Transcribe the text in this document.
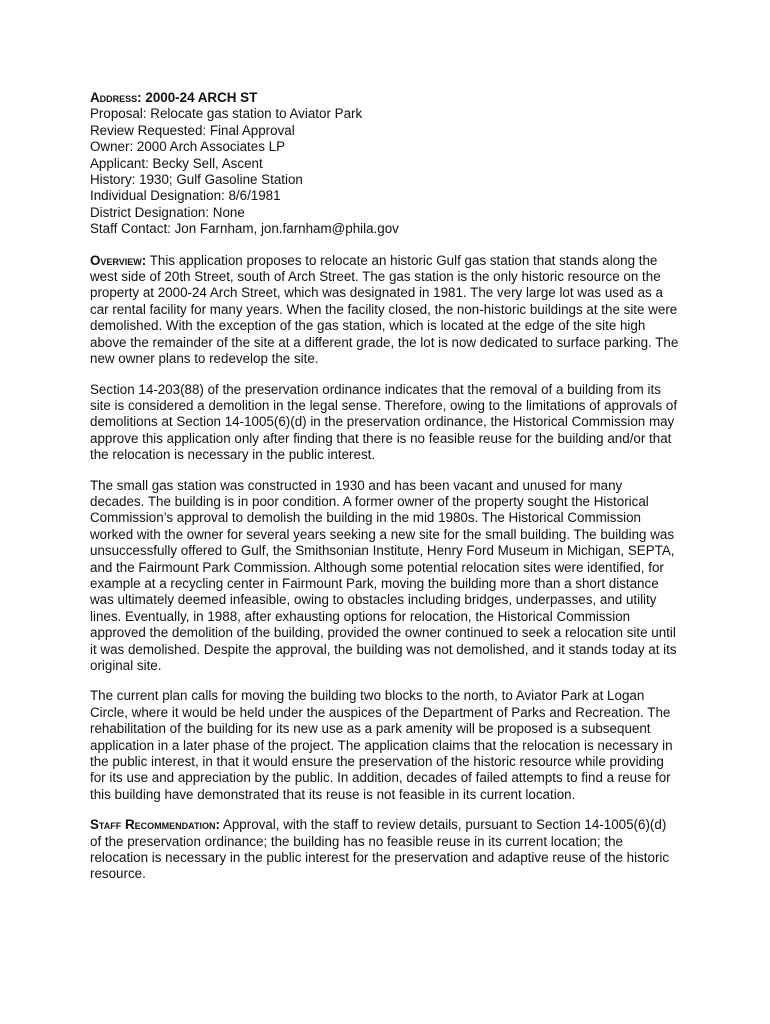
Address: 2000-24 ARCH ST
Proposal: Relocate gas station to Aviator Park
Review Requested: Final Approval
Owner: 2000 Arch Associates LP
Applicant: Becky Sell, Ascent
History: 1930; Gulf Gasoline Station
Individual Designation: 8/6/1981
District Designation: None
Staff Contact: Jon Farnham, jon.farnham@phila.gov

Overview: This application proposes to relocate an historic Gulf gas station that stands along the west side of 20th Street, south of Arch Street. The gas station is the only historic resource on the property at 2000-24 Arch Street, which was designated in 1981. The very large lot was used as a car rental facility for many years. When the facility closed, the non-historic buildings at the site were demolished. With the exception of the gas station, which is located at the edge of the site high above the remainder of the site at a different grade, the lot is now dedicated to surface parking. The new owner plans to redevelop the site.

Section 14-203(88) of the preservation ordinance indicates that the removal of a building from its site is considered a demolition in the legal sense. Therefore, owing to the limitations of approvals of demolitions at Section 14-1005(6)(d) in the preservation ordinance, the Historical Commission may approve this application only after finding that there is no feasible reuse for the building and/or that the relocation is necessary in the public interest.

The small gas station was constructed in 1930 and has been vacant and unused for many decades. The building is in poor condition. A former owner of the property sought the Historical Commission’s approval to demolish the building in the mid 1980s. The Historical Commission worked with the owner for several years seeking a new site for the small building. The building was unsuccessfully offered to Gulf, the Smithsonian Institute, Henry Ford Museum in Michigan, SEPTA, and the Fairmount Park Commission. Although some potential relocation sites were identified, for example at a recycling center in Fairmount Park, moving the building more than a short distance was ultimately deemed infeasible, owing to obstacles including bridges, underpasses, and utility lines. Eventually, in 1988, after exhausting options for relocation, the Historical Commission approved the demolition of the building, provided the owner continued to seek a relocation site until it was demolished. Despite the approval, the building was not demolished, and it stands today at its original site.

The current plan calls for moving the building two blocks to the north, to Aviator Park at Logan Circle, where it would be held under the auspices of the Department of Parks and Recreation. The rehabilitation of the building for its new use as a park amenity will be proposed is a subsequent application in a later phase of the project. The application claims that the relocation is necessary in the public interest, in that it would ensure the preservation of the historic resource while providing for its use and appreciation by the public. In addition, decades of failed attempts to find a reuse for this building have demonstrated that its reuse is not feasible in its current location.

Staff Recommendation: Approval, with the staff to review details, pursuant to Section 14-1005(6)(d) of the preservation ordinance; the building has no feasible reuse in its current location; the relocation is necessary in the public interest for the preservation and adaptive reuse of the historic resource.
